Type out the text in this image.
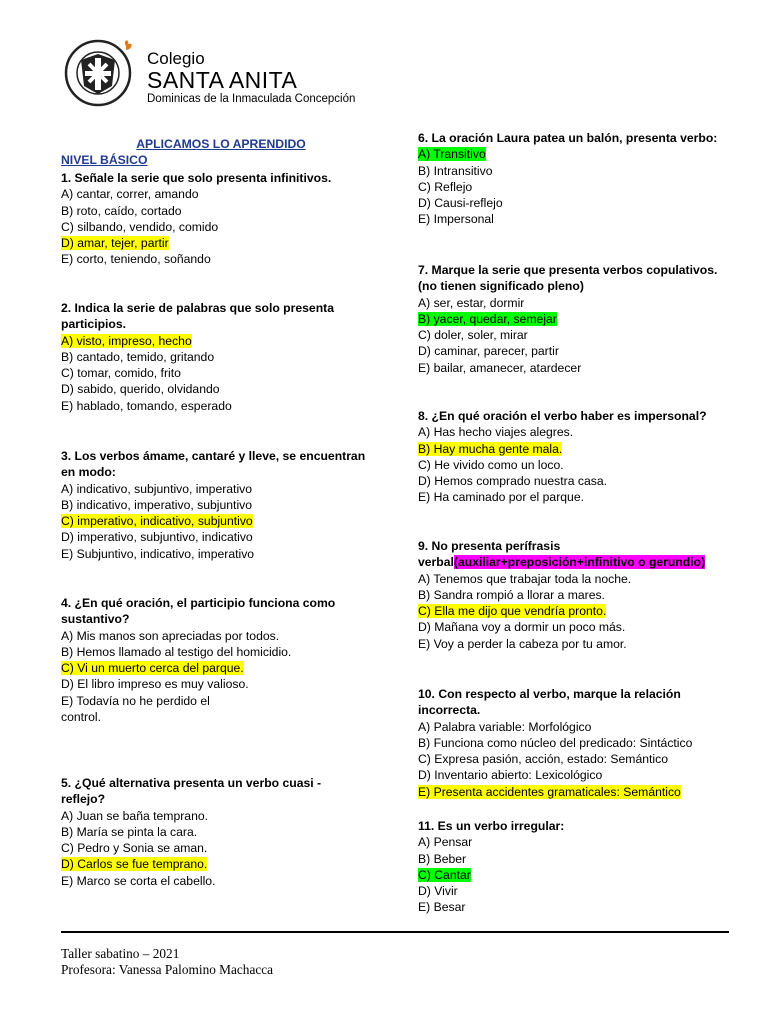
Colegio
SANTA ANITA
Dominicas de la Inmaculada Concepción
APLICAMOS LO APRENDIDO
NIVEL BÁSICO
1. Señale la serie que solo presenta infinitivos.
A) cantar, correr, amando
B) roto, caído, cortado
C) silbando, vendido, comido
D) amar, tejer, partir
E) corto, teniendo, soñando
2. Indica la serie de palabras que solo presenta
participios.
A) visto, impreso, hecho
B) cantado, temido, gritando
C) tomar, comido, frito
D) sabido, querido, olvidando
E) hablado, tomando, esperado
3. Los verbos ámame, cantaré y lleve, se encuentran
en modo:
A) indicativo, subjuntivo, imperativo
B) indicativo, imperativo, subjuntivo
C) imperativo, indicativo, subjuntivo
D) imperativo, subjuntivo, indicativo
E) Subjuntivo, indicativo, imperativo
4. ¿En qué oración, el participio funciona como
sustantivo?
A) Mis manos son apreciadas por todos.
B) Hemos llamado al testigo del homicidio.
C) Vi un muerto cerca del parque.
D) El libro impreso es muy valioso.
E) Todavía no he perdido el
control.
5. ¿Qué alternativa presenta un verbo cuasi -
reflejo?
A) Juan se baña temprano.
B) María se pinta la cara.
C) Pedro y Sonia se aman.
D) Carlos se fue temprano.
E) Marco se corta el cabello.
6. La oración Laura patea un balón, presenta verbo:
A) Transitivo
B) Intransitivo
C) Reflejo
D) Causi-reflejo
E) Impersonal
7. Marque la serie que presenta verbos copulativos.
(no tienen significado pleno)
A) ser, estar, dormir
B) yacer, quedar, semejar
C) doler, soler, mirar
D) caminar, parecer, partir
E) bailar, amanecer, atardecer
8. ¿En qué oración el verbo haber es impersonal?
A) Has hecho viajes alegres.
B) Hay mucha gente mala.
C) He vivido como un loco.
D) Hemos comprado nuestra casa.
E) Ha caminado por el parque.
9. No presenta perífrasis
verbal(auxiliar+preposición+infinitivo o gerundio)
A) Tenemos que trabajar toda la noche.
B) Sandra rompió a llorar a mares.
C) Ella me dijo que vendría pronto.
D) Mañana voy a dormir un poco más.
E) Voy a perder la cabeza por tu amor.
10. Con respecto al verbo, marque la relación
incorrecta.
A) Palabra variable: Morfológico
B) Funciona como núcleo del predicado: Sintáctico
C) Expresa pasión, acción, estado: Semántico
D) Inventario abierto: Lexicológico
E) Presenta accidentes gramaticales: Semántico
11. Es un verbo irregular:
A) Pensar
B) Beber
C) Cantar
D) Vivir
E) Besar
Taller sabatino – 2021
Profesora: Vanessa Palomino Machacca
